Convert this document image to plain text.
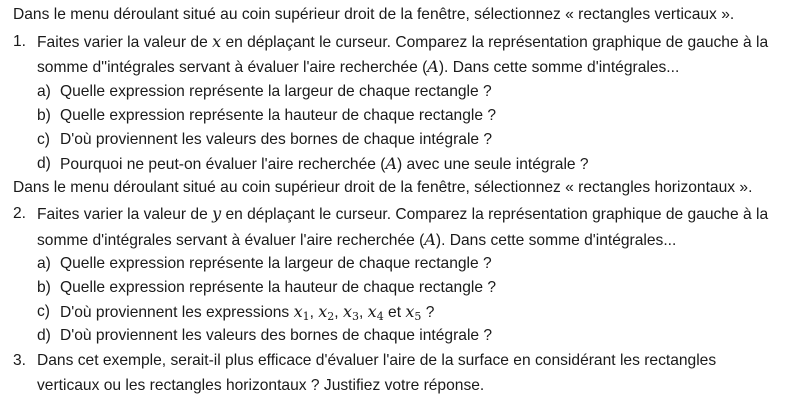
Dans le menu déroulant situé au coin supérieur droit de la fenêtre, sélectionnez « rectangles verticaux ».
1. Faites varier la valeur de x en déplaçant le curseur. Comparez la représentation graphique de gauche à la
somme d''intégrales servant à évaluer l'aire recherchée (A). Dans cette somme d'intégrales...
a) Quelle expression représente la largeur de chaque rectangle ?
b) Quelle expression représente la hauteur de chaque rectangle ?
c) D'où proviennent les valeurs des bornes de chaque intégrale ?
d) Pourquoi ne peut-on évaluer l'aire recherchée (A) avec une seule intégrale ?
Dans le menu déroulant situé au coin supérieur droit de la fenêtre, sélectionnez « rectangles horizontaux ».
2. Faites varier la valeur de y en déplaçant le curseur. Comparez la représentation graphique de gauche à la
somme d'intégrales servant à évaluer l'aire recherchée (A). Dans cette somme d'intégrales...
a) Quelle expression représente la largeur de chaque rectangle ?
b) Quelle expression représente la hauteur de chaque rectangle ?
c) D'où proviennent les expressions $x_1$, $x_2$, $x_3$, $x_4$ et $x_5$ ?
d) D'où proviennent les valeurs des bornes de chaque intégrale ?
3. Dans cet exemple, serait-il plus efficace d'évaluer l'aire de la surface en considérant les rectangles
verticaux ou les rectangles horizontaux ? Justifiez votre réponse.
